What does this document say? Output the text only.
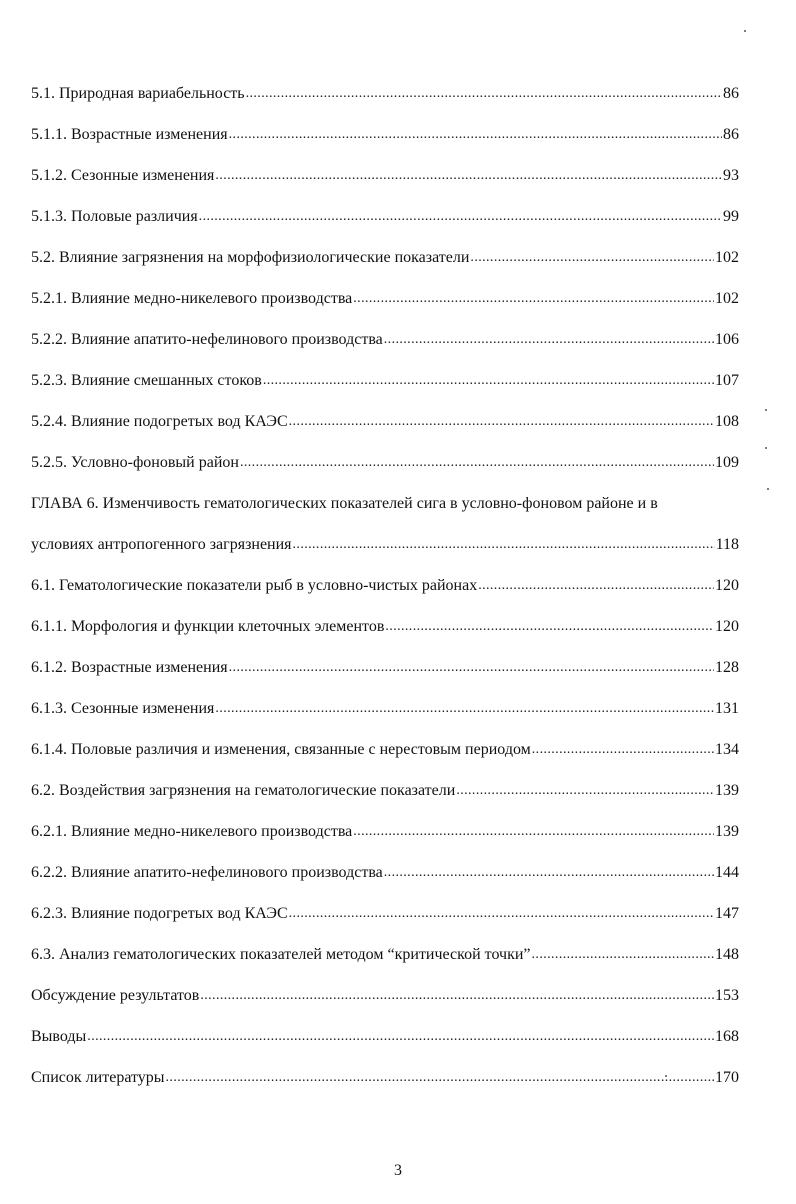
5.1. Природная вариабельность .....	86
5.1.1. Возрастные изменения .....	86
5.1.2. Сезонные изменения .....	93
5.1.3. Половые различия .....	99
5.2. Влияние загрязнения на морфофизиологические показатели .....	102
5.2.1. Влияние медно-никелевого производства .....	102
5.2.2. Влияние апатито-нефелинового производства .....	106
5.2.3. Влияние смешанных стоков .....	107
5.2.4. Влияние подогретых вод КАЭС .....	108
5.2.5. Условно-фоновый район .....	109
ГЛАВА 6. Изменчивость гематологических показателей сига в условно-фоновом районе и в
условиях антропогенного загрязнения .....	118
6.1. Гематологические показатели рыб в условно-чистых районах .....	120
6.1.1. Морфология и функции клеточных элементов .....	120
6.1.2. Возрастные изменения .....	128
6.1.3. Сезонные изменения .....	131
6.1.4. Половые различия и изменения, связанные с нерестовым периодом .....	134
6.2. Воздействия загрязнения на гематологические показатели .....	139
6.2.1. Влияние медно-никелевого производства .....	139
6.2.2. Влияние апатито-нефелинового производства .....	144
6.2.3. Влияние подогретых вод КАЭС .....	147
6.3. Анализ гематологических показателей методом “критической точки” .....	148
Обсуждение результатов .....	153
Выводы .....	168
Список литературы .....	170
3
